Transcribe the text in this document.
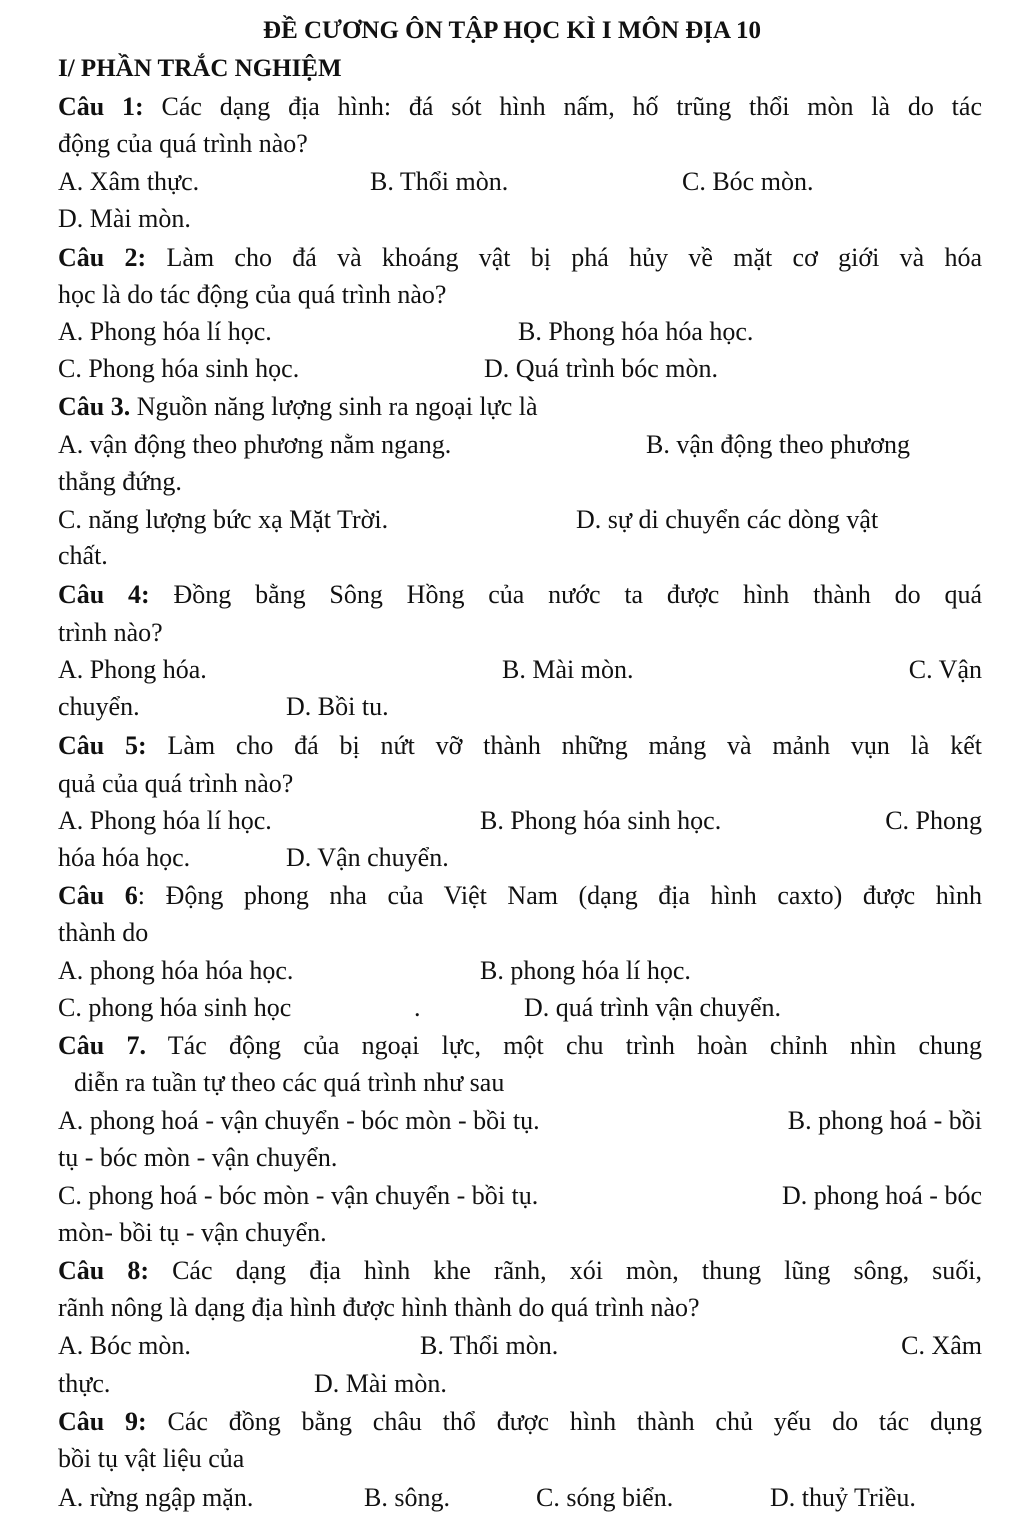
ĐỀ CƯƠNG ÔN TẬP HỌC KÌ I MÔN ĐỊA 10
I/ PHẦN TRẮC NGHIỆM
Câu 1: Các dạng địa hình: đá sót hình nấm, hố trũng thổi mòn là do tác
động của quá trình nào?
A. Xâm thực.	B. Thổi mòn.	C. Bóc mòn.
D. Mài mòn.
Câu 2: Làm cho đá và khoáng vật bị phá hủy về mặt cơ giới và hóa
học là do tác động của quá trình nào?
A. Phong hóa lí học.	B. Phong hóa hóa học.
C. Phong hóa sinh học.	D. Quá trình bóc mòn.
Câu 3. Nguồn năng lượng sinh ra ngoại lực là
A. vận động theo phương nằm ngang.	B. vận động theo phương
thẳng đứng.
C. năng lượng bức xạ Mặt Trời.	D. sự di chuyển các dòng vật
chất.
Câu 4: Đồng bằng Sông Hồng của nước ta được hình thành do quá
trình nào?
A. Phong hóa.	B. Mài mòn.	C. Vận
chuyển.	D. Bồi tu.
Câu 5: Làm cho đá bị nứt vỡ thành những mảng và mảnh vụn là kết
quả của quá trình nào?
A. Phong hóa lí học.	B. Phong hóa sinh học.	C. Phong
hóa hóa học.	D. Vận chuyển.
Câu 6: Động phong nha của Việt Nam (dạng địa hình caxto) được hình
thành do
A. phong hóa hóa học.	B. phong hóa lí học.
C. phong hóa sinh học	.	D. quá trình vận chuyển.
Câu 7. Tác động của ngoại lực, một chu trình hoàn chỉnh nhìn chung
diễn ra tuần tự theo các quá trình như sau
A. phong hoá - vận chuyển - bóc mòn - bồi tụ.	B. phong hoá - bồi
tụ - bóc mòn - vận chuyển.
C. phong hoá - bóc mòn - vận chuyển - bồi tụ.	D. phong hoá - bóc
mòn- bồi tụ - vận chuyển.
Câu 8: Các dạng địa hình khe rãnh, xói mòn, thung lũng sông, suối,
rãnh nông là dạng địa hình được hình thành do quá trình nào?
A. Bóc mòn.	B. Thổi mòn.	C. Xâm
thực.	D. Mài mòn.
Câu 9: Các đồng bằng châu thổ được hình thành chủ yếu do tác dụng
bồi tụ vật liệu của
A. rừng ngập mặn.	B. sông.	C. sóng biển.	D. thuỷ Triều.
